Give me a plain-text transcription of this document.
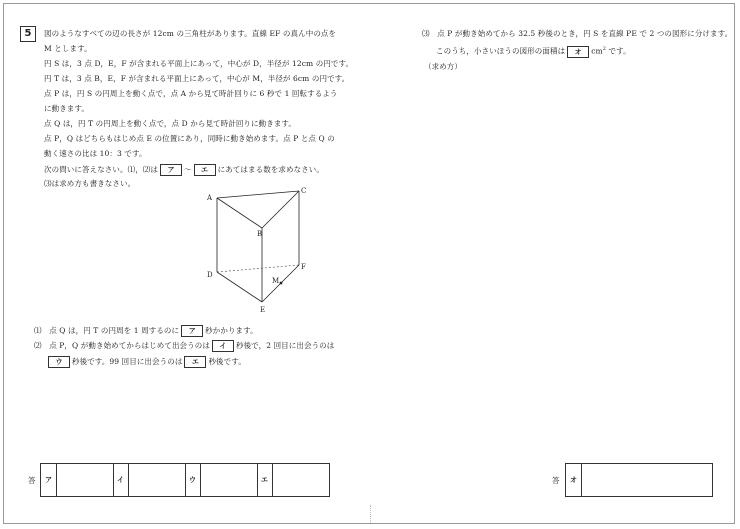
5	図のようなすべての辺の長さが 12cm の三角柱があります。直線 EF の真ん中の点を
M とします。
円 S は，3 点 D，E，F が含まれる平面上にあって，中心が D，半径が 12cm の円です。
円 T は，3 点 B，E，F が含まれる平面上にあって，中心が M，半径が 6cm の円です。
点 P は，円 S の円周上を動く点で，点 A から見て時計回りに 6 秒で 1 回転するよう
に動きます。
点 Q は，円 T の円周上を動く点で，点 D から見て時計回りに動きます。
点 P，Q はどちらもはじめ点 E の位置にあり，同時に動き始めます。点 P と点 Q の
動く速さの比は 10：3 です。
次の問いに答えなさい。⑴，⑵は ア ～ エ にあてはまる数を求めなさい。
⑶は求め方も書きなさい。
A
B
C
D
E
F
M
⑴　点 Q は，円 T の円周を 1 周するのに ア 秒かかります。
⑵　点 P，Q が動き始めてからはじめて出会うのは イ 秒後で，2 回目に出会うのは
ウ 秒後です。99 回目に出会うのは エ 秒後です。
答	ア	イ	ウ	エ
⑶　点 P が動き始めてから 32.5 秒後のとき，円 S を直線 PE で 2 つの図形に分けます。
このうち，小さいほうの図形の面積は オ $cm^2$ です。
（求め方）
答	オ
